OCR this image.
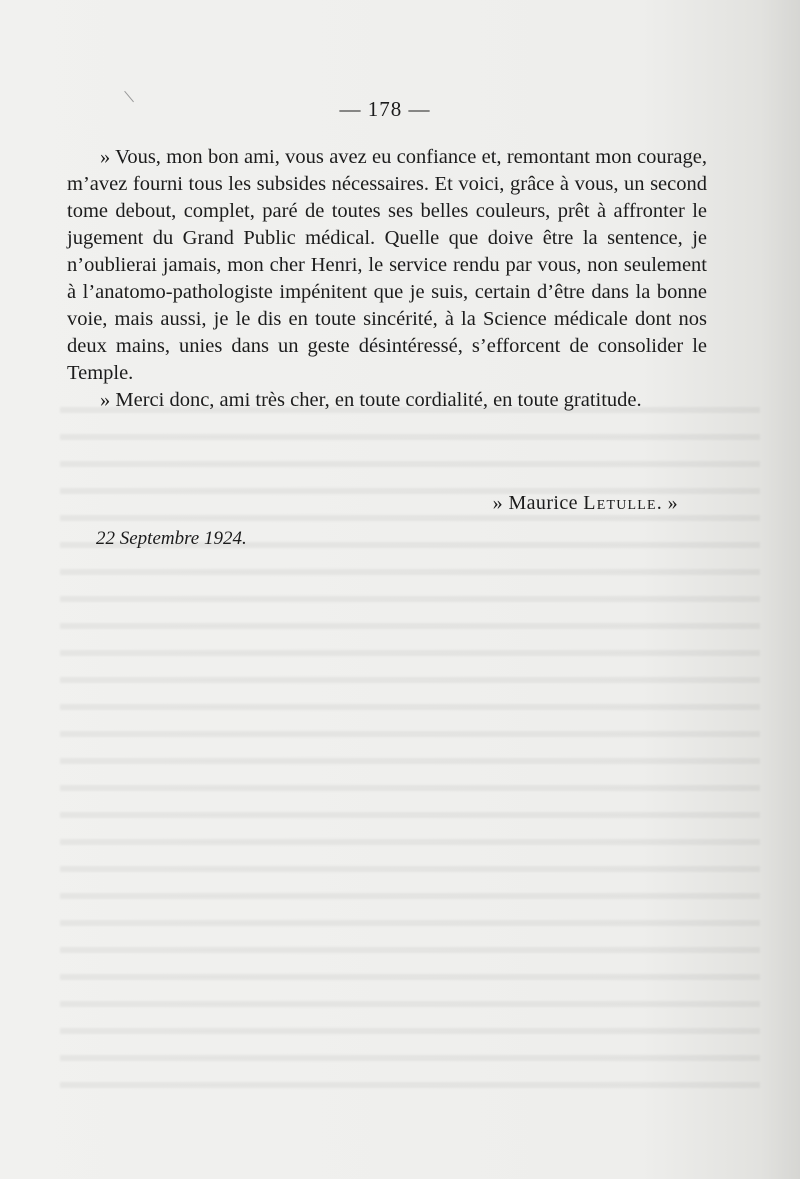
— 178 —

» Vous, mon bon ami, vous avez eu confiance et, remontant mon courage, m’avez fourni tous les subsides nécessaires. Et voici, grâce à vous, un second tome debout, complet, paré de toutes ses belles couleurs, prêt à affronter le jugement du Grand Public médical. Quelle que doive être la sentence, je n’oublierai jamais, mon cher Henri, le service rendu par vous, non seulement à l’anatomo-pathologiste impénitent que je suis, certain d’être dans la bonne voie, mais aussi, je le dis en toute sincérité, à la Science médicale dont nos deux mains, unies dans un geste désintéressé, s’efforcent de consolider le Temple.

» Merci donc, ami très cher, en toute cordialité, en toute gratitude.

» Maurice Letulle. »
22 Septembre 1924.
